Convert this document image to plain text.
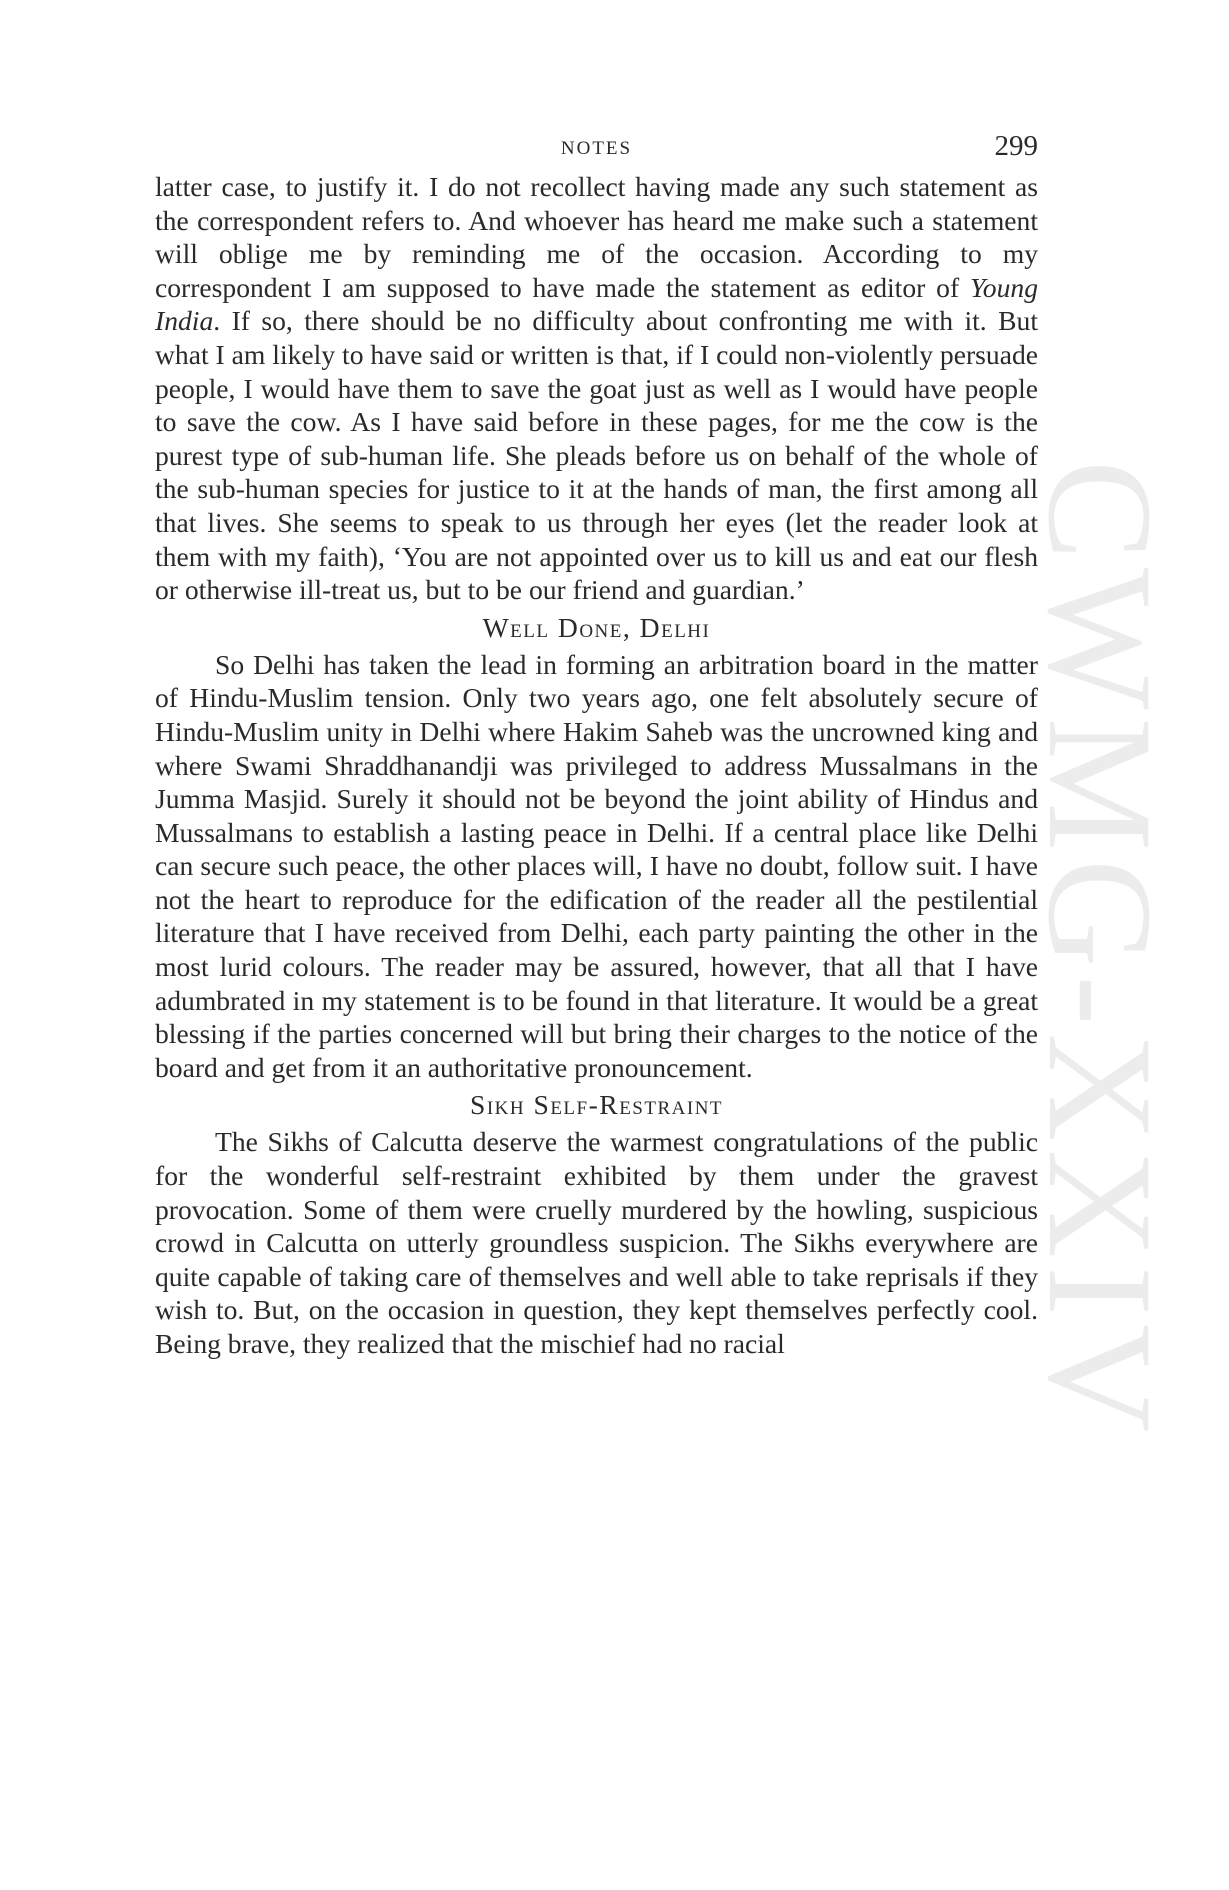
CWMG-XXIV
NOTES	299

latter case, to justify it. I do not recollect having made any such statement as the correspondent refers to. And whoever has heard me make such a statement will oblige me by reminding me of the occasion. According to my correspondent I am supposed to have made the statement as editor of Young India. If so, there should be no difficulty about confronting me with it. But what I am likely to have said or written is that, if I could non-violently persuade people, I would have them to save the goat just as well as I would have people to save the cow. As I have said before in these pages, for me the cow is the purest type of sub-human life. She pleads before us on behalf of the whole of the sub-human species for justice to it at the hands of man, the first among all that lives. She seems to speak to us through her eyes (let the reader look at them with my faith), ‘You are not appointed over us to kill us and eat our flesh or otherwise ill-treat us, but to be our friend and guardian.’

Well Done, Delhi

So Delhi has taken the lead in forming an arbitration board in the matter of Hindu-Muslim tension. Only two years ago, one felt absolutely secure of Hindu-Muslim unity in Delhi where Hakim Saheb was the uncrowned king and where Swami Shraddhanandji was privileged to address Mussalmans in the Jumma Masjid. Surely it should not be beyond the joint ability of Hindus and Mussalmans to establish a lasting peace in Delhi. If a central place like Delhi can secure such peace, the other places will, I have no doubt, follow suit. I have not the heart to reproduce for the edification of the reader all the pestilential literature that I have received from Delhi, each party painting the other in the most lurid colours. The reader may be assured, however, that all that I have adumbrated in my statement is to be found in that literature. It would be a great blessing if the parties concerned will but bring their charges to the notice of the board and get from it an authoritative pronouncement.

Sikh Self-Restraint

The Sikhs of Calcutta deserve the warmest congratulations of the public for the wonderful self-restraint exhibited by them under the gravest provocation. Some of them were cruelly murdered by the howling, suspicious crowd in Calcutta on utterly groundless suspicion. The Sikhs everywhere are quite capable of taking care of themselves and well able to take reprisals if they wish to. But, on the occasion in question, they kept themselves perfectly cool. Being brave, they realized that the mischief had no racial
